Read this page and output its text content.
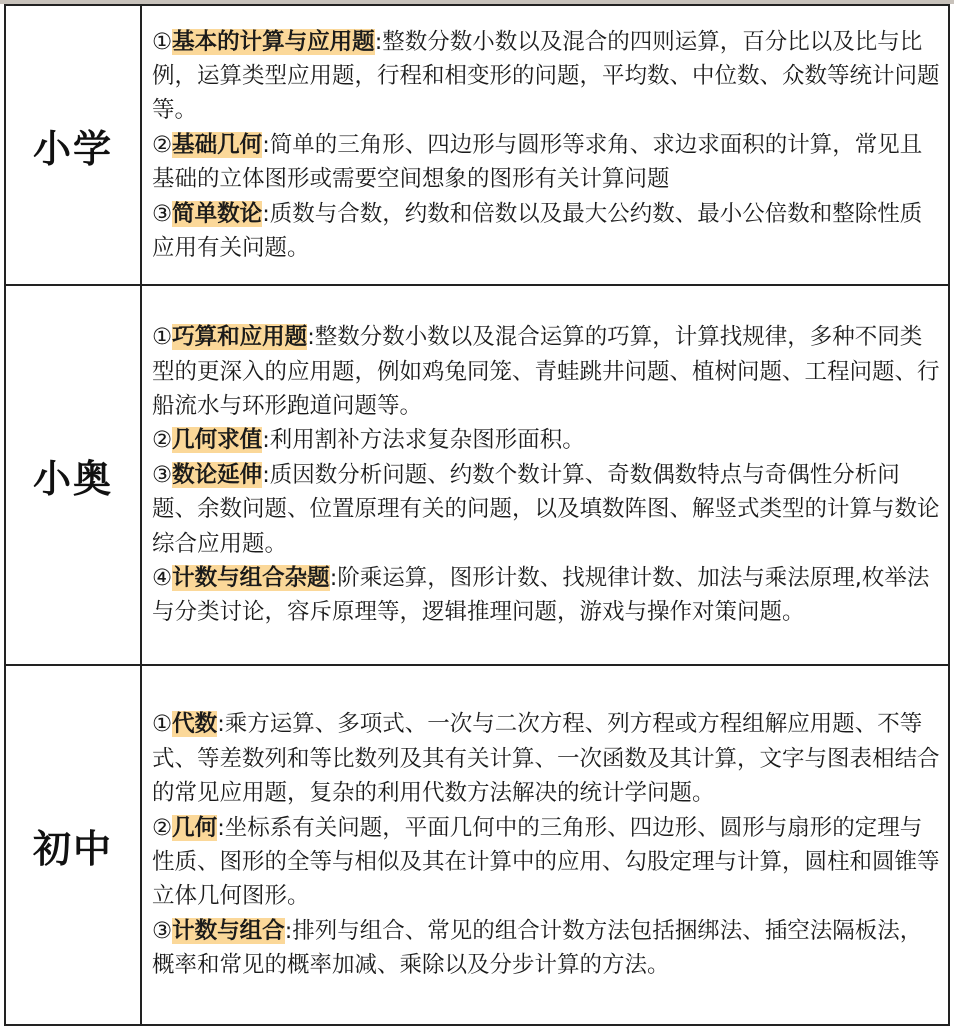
小学	①基本的计算与应用题:整数分数小数以及混合的四则运算，百分比以及比与比例，运算类型应用题，行程和相变形的问题，平均数、中位数、众数等统计问题等。

②基础几何:简单的三角形、四边形与圆形等求角、求边求面积的计算，常见且基础的立体图形或需要空间想象的图形有关计算问题

③简单数论:质数与合数，约数和倍数以及最大公约数、最小公倍数和整除性质应用有关问题。

小奥	①巧算和应用题:整数分数小数以及混合运算的巧算，计算找规律，多种不同类型的更深入的应用题，例如鸡兔同笼、青蛙跳井问题、植树问题、工程问题、行船流水与环形跑道问题等。

②几何求值:利用割补方法求复杂图形面积。

③数论延伸:质因数分析问题、约数个数计算、奇数偶数特点与奇偶性分析问题、余数问题、位置原理有关的问题，以及填数阵图、解竖式类型的计算与数论综合应用题。

④计数与组合杂题:阶乘运算，图形计数、找规律计数、加法与乘法原理,枚举法与分类讨论，容斥原理等，逻辑推理问题，游戏与操作对策问题。

初中	①代数:乘方运算、多项式、一次与二次方程、列方程或方程组解应用题、不等式、等差数列和等比数列及其有关计算、一次函数及其计算，文字与图表相结合的常见应用题，复杂的利用代数方法解决的统计学问题。

②几何:坐标系有关问题，平面几何中的三角形、四边形、圆形与扇形的定理与性质、图形的全等与相似及其在计算中的应用、勾股定理与计算，圆柱和圆锥等立体几何图形。

③计数与组合:排列与组合、常见的组合计数方法包括捆绑法、插空法隔板法，概率和常见的概率加减、乘除以及分步计算的方法。
